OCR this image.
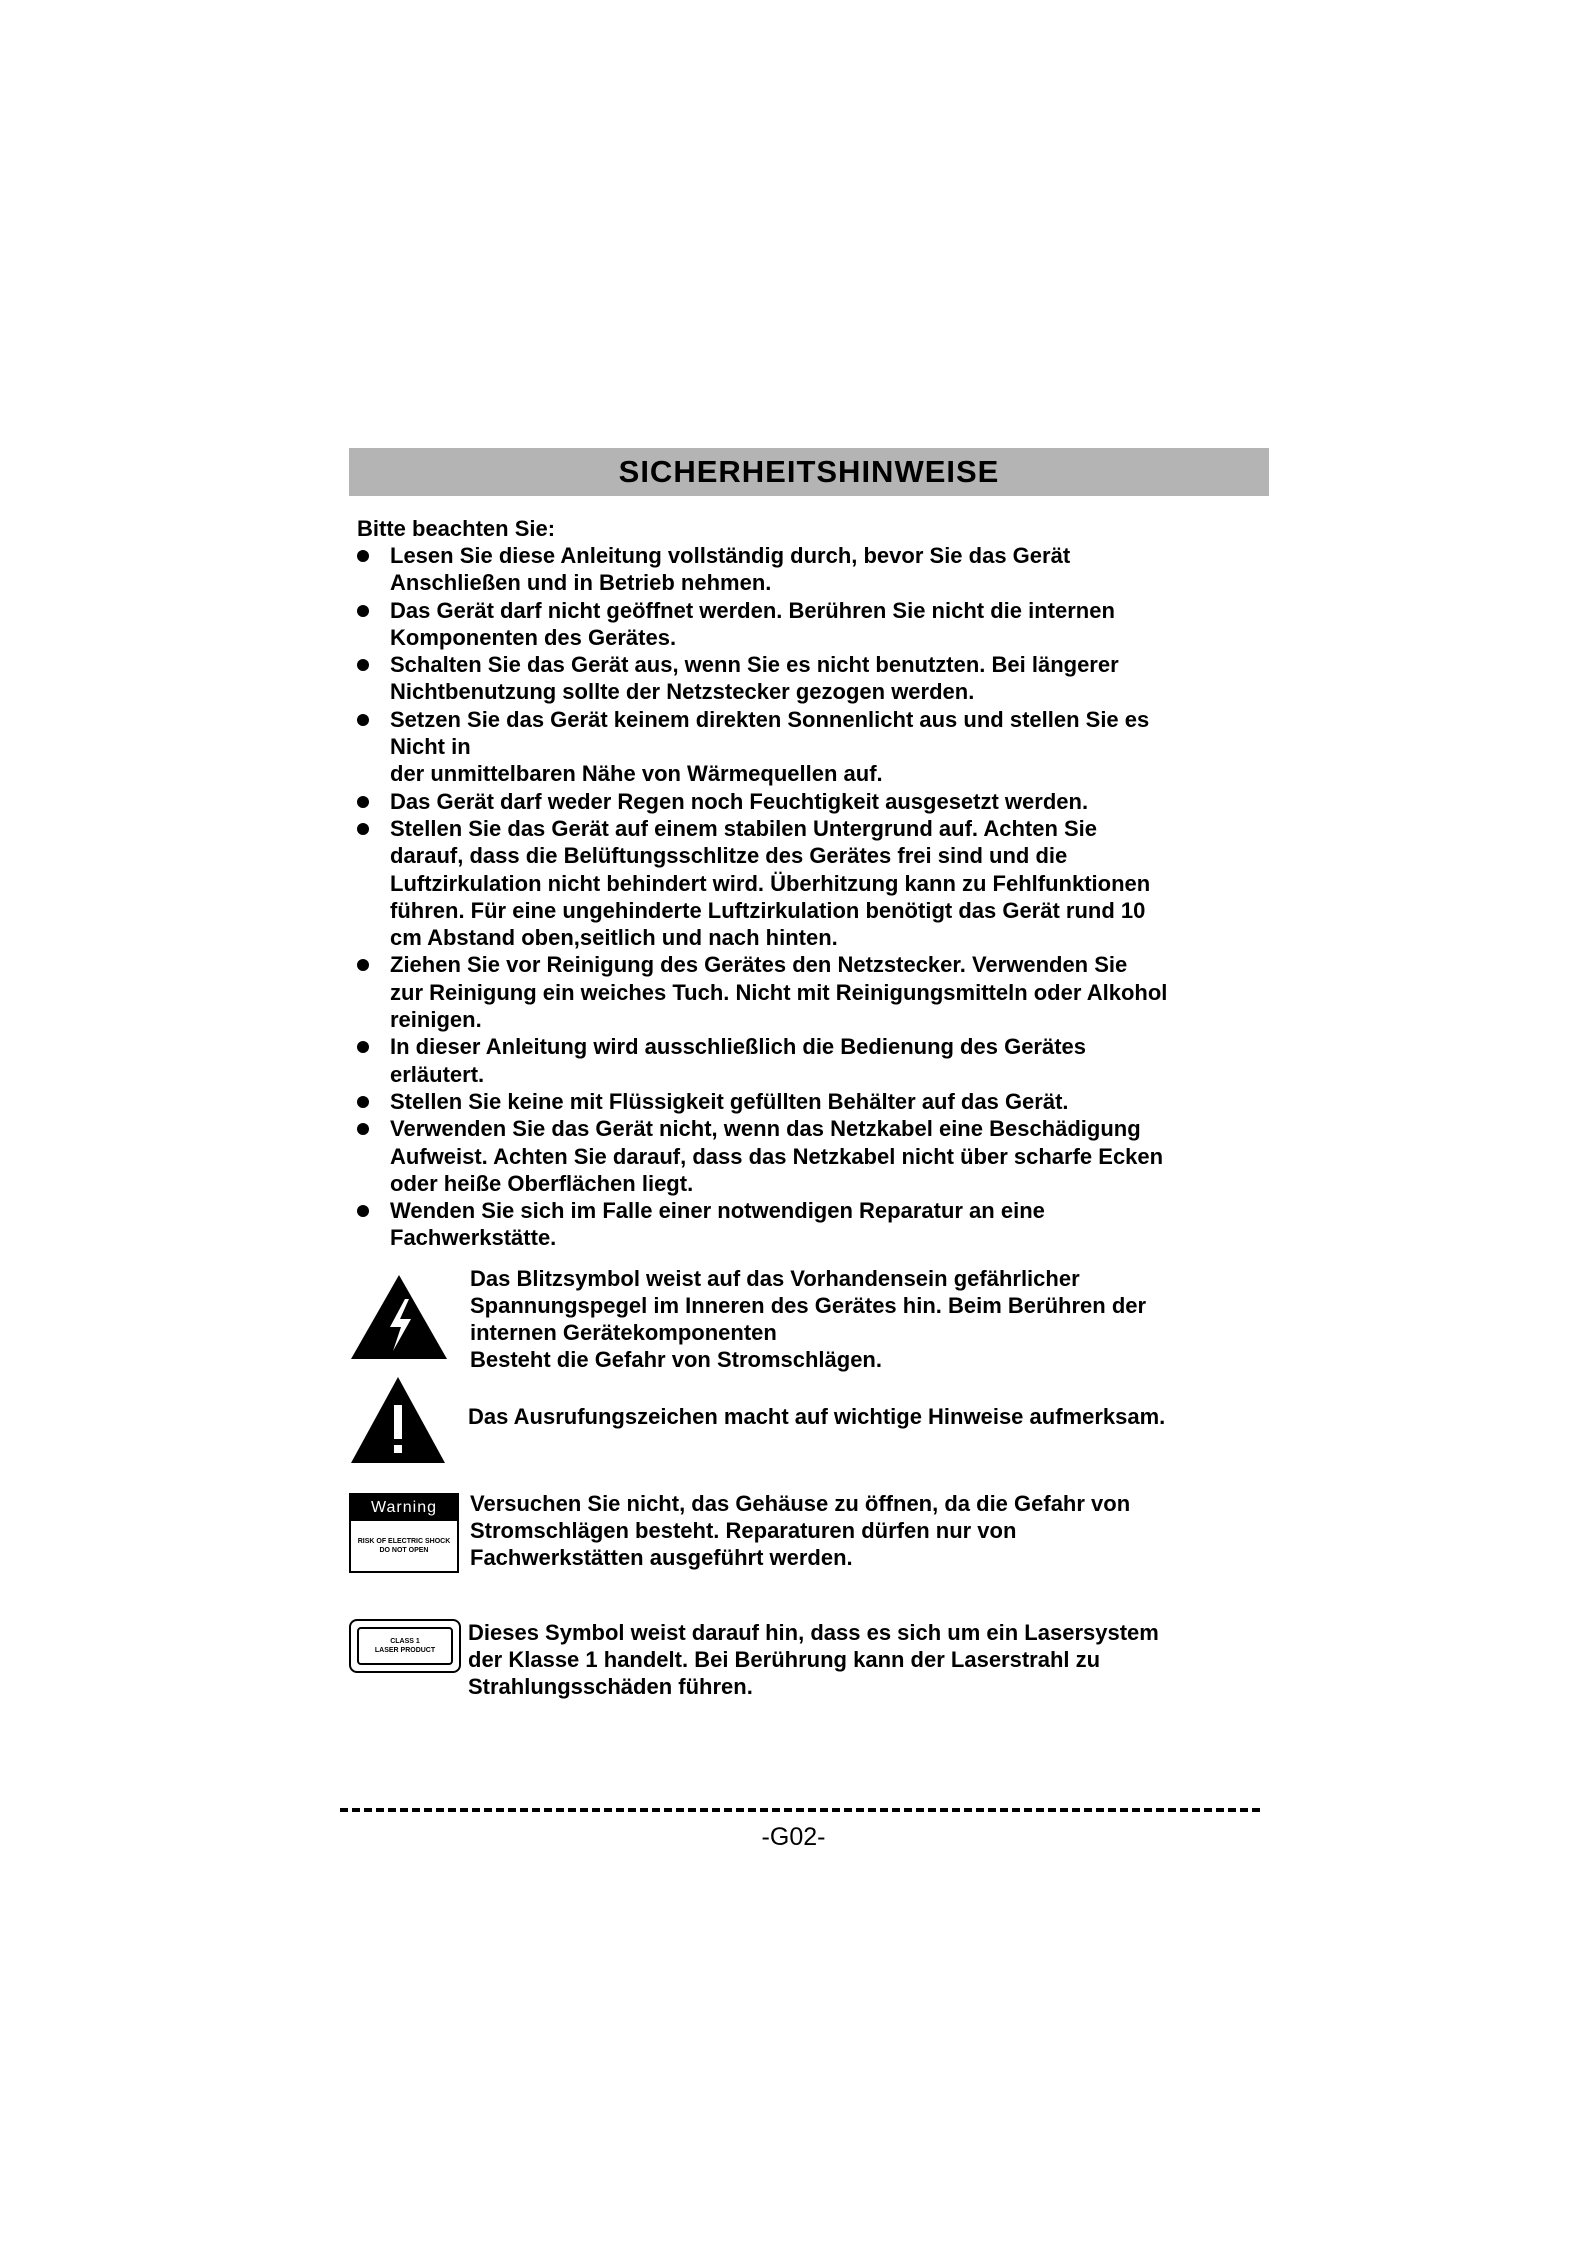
SICHERHEITSHINWEISE
Bitte beachten Sie:
Lesen Sie diese Anleitung vollständig durch, bevor Sie das Gerät
Anschließen und in Betrieb nehmen.
Das Gerät darf nicht geöffnet werden. Berühren Sie nicht die internen
Komponenten des Gerätes.
Schalten Sie das Gerät aus, wenn Sie es nicht benutzten. Bei längerer
Nichtbenutzung sollte der Netzstecker gezogen werden.
Setzen Sie das Gerät keinem direkten Sonnenlicht aus und stellen Sie es
Nicht in
der unmittelbaren Nähe von Wärmequellen auf.
Das Gerät darf weder Regen noch Feuchtigkeit ausgesetzt werden.
Stellen Sie das Gerät auf einem stabilen Untergrund auf. Achten Sie
darauf, dass die Belüftungsschlitze des Gerätes frei sind und die
Luftzirkulation nicht behindert wird. Überhitzung kann zu Fehlfunktionen
führen. Für eine ungehinderte Luftzirkulation benötigt das Gerät rund 10
cm Abstand oben,seitlich und nach hinten.
Ziehen Sie vor Reinigung des Gerätes den Netzstecker. Verwenden Sie
zur Reinigung ein weiches Tuch. Nicht mit Reinigungsmitteln oder Alkohol
reinigen.
In dieser Anleitung wird ausschließlich die Bedienung des Gerätes
erläutert.
Stellen Sie keine mit Flüssigkeit gefüllten Behälter auf das Gerät.
Verwenden Sie das Gerät nicht, wenn das Netzkabel eine Beschädigung
Aufweist. Achten Sie darauf, dass das Netzkabel nicht über scharfe Ecken
oder heiße Oberflächen liegt.
Wenden Sie sich im Falle einer notwendigen Reparatur an eine
Fachwerkstätte.
Das Blitzsymbol weist auf das Vorhandensein gefährlicher
Spannungspegel im Inneren des Gerätes hin. Beim Berühren der
internen Gerätekomponenten
Besteht die Gefahr von Stromschlägen.
Das Ausrufungszeichen macht auf wichtige Hinweise aufmerksam.
Warning
RISK OF ELECTRIC SHOCK
DO NOT OPEN
Versuchen Sie nicht, das Gehäuse zu öffnen, da die Gefahr von
Stromschlägen besteht. Reparaturen dürfen nur von
Fachwerkstätten ausgeführt werden.
CLASS 1
LASER PRODUCT
Dieses Symbol weist darauf hin, dass es sich um ein Lasersystem
der Klasse 1 handelt. Bei Berührung kann der Laserstrahl zu
Strahlungsschäden führen.
-G02-
